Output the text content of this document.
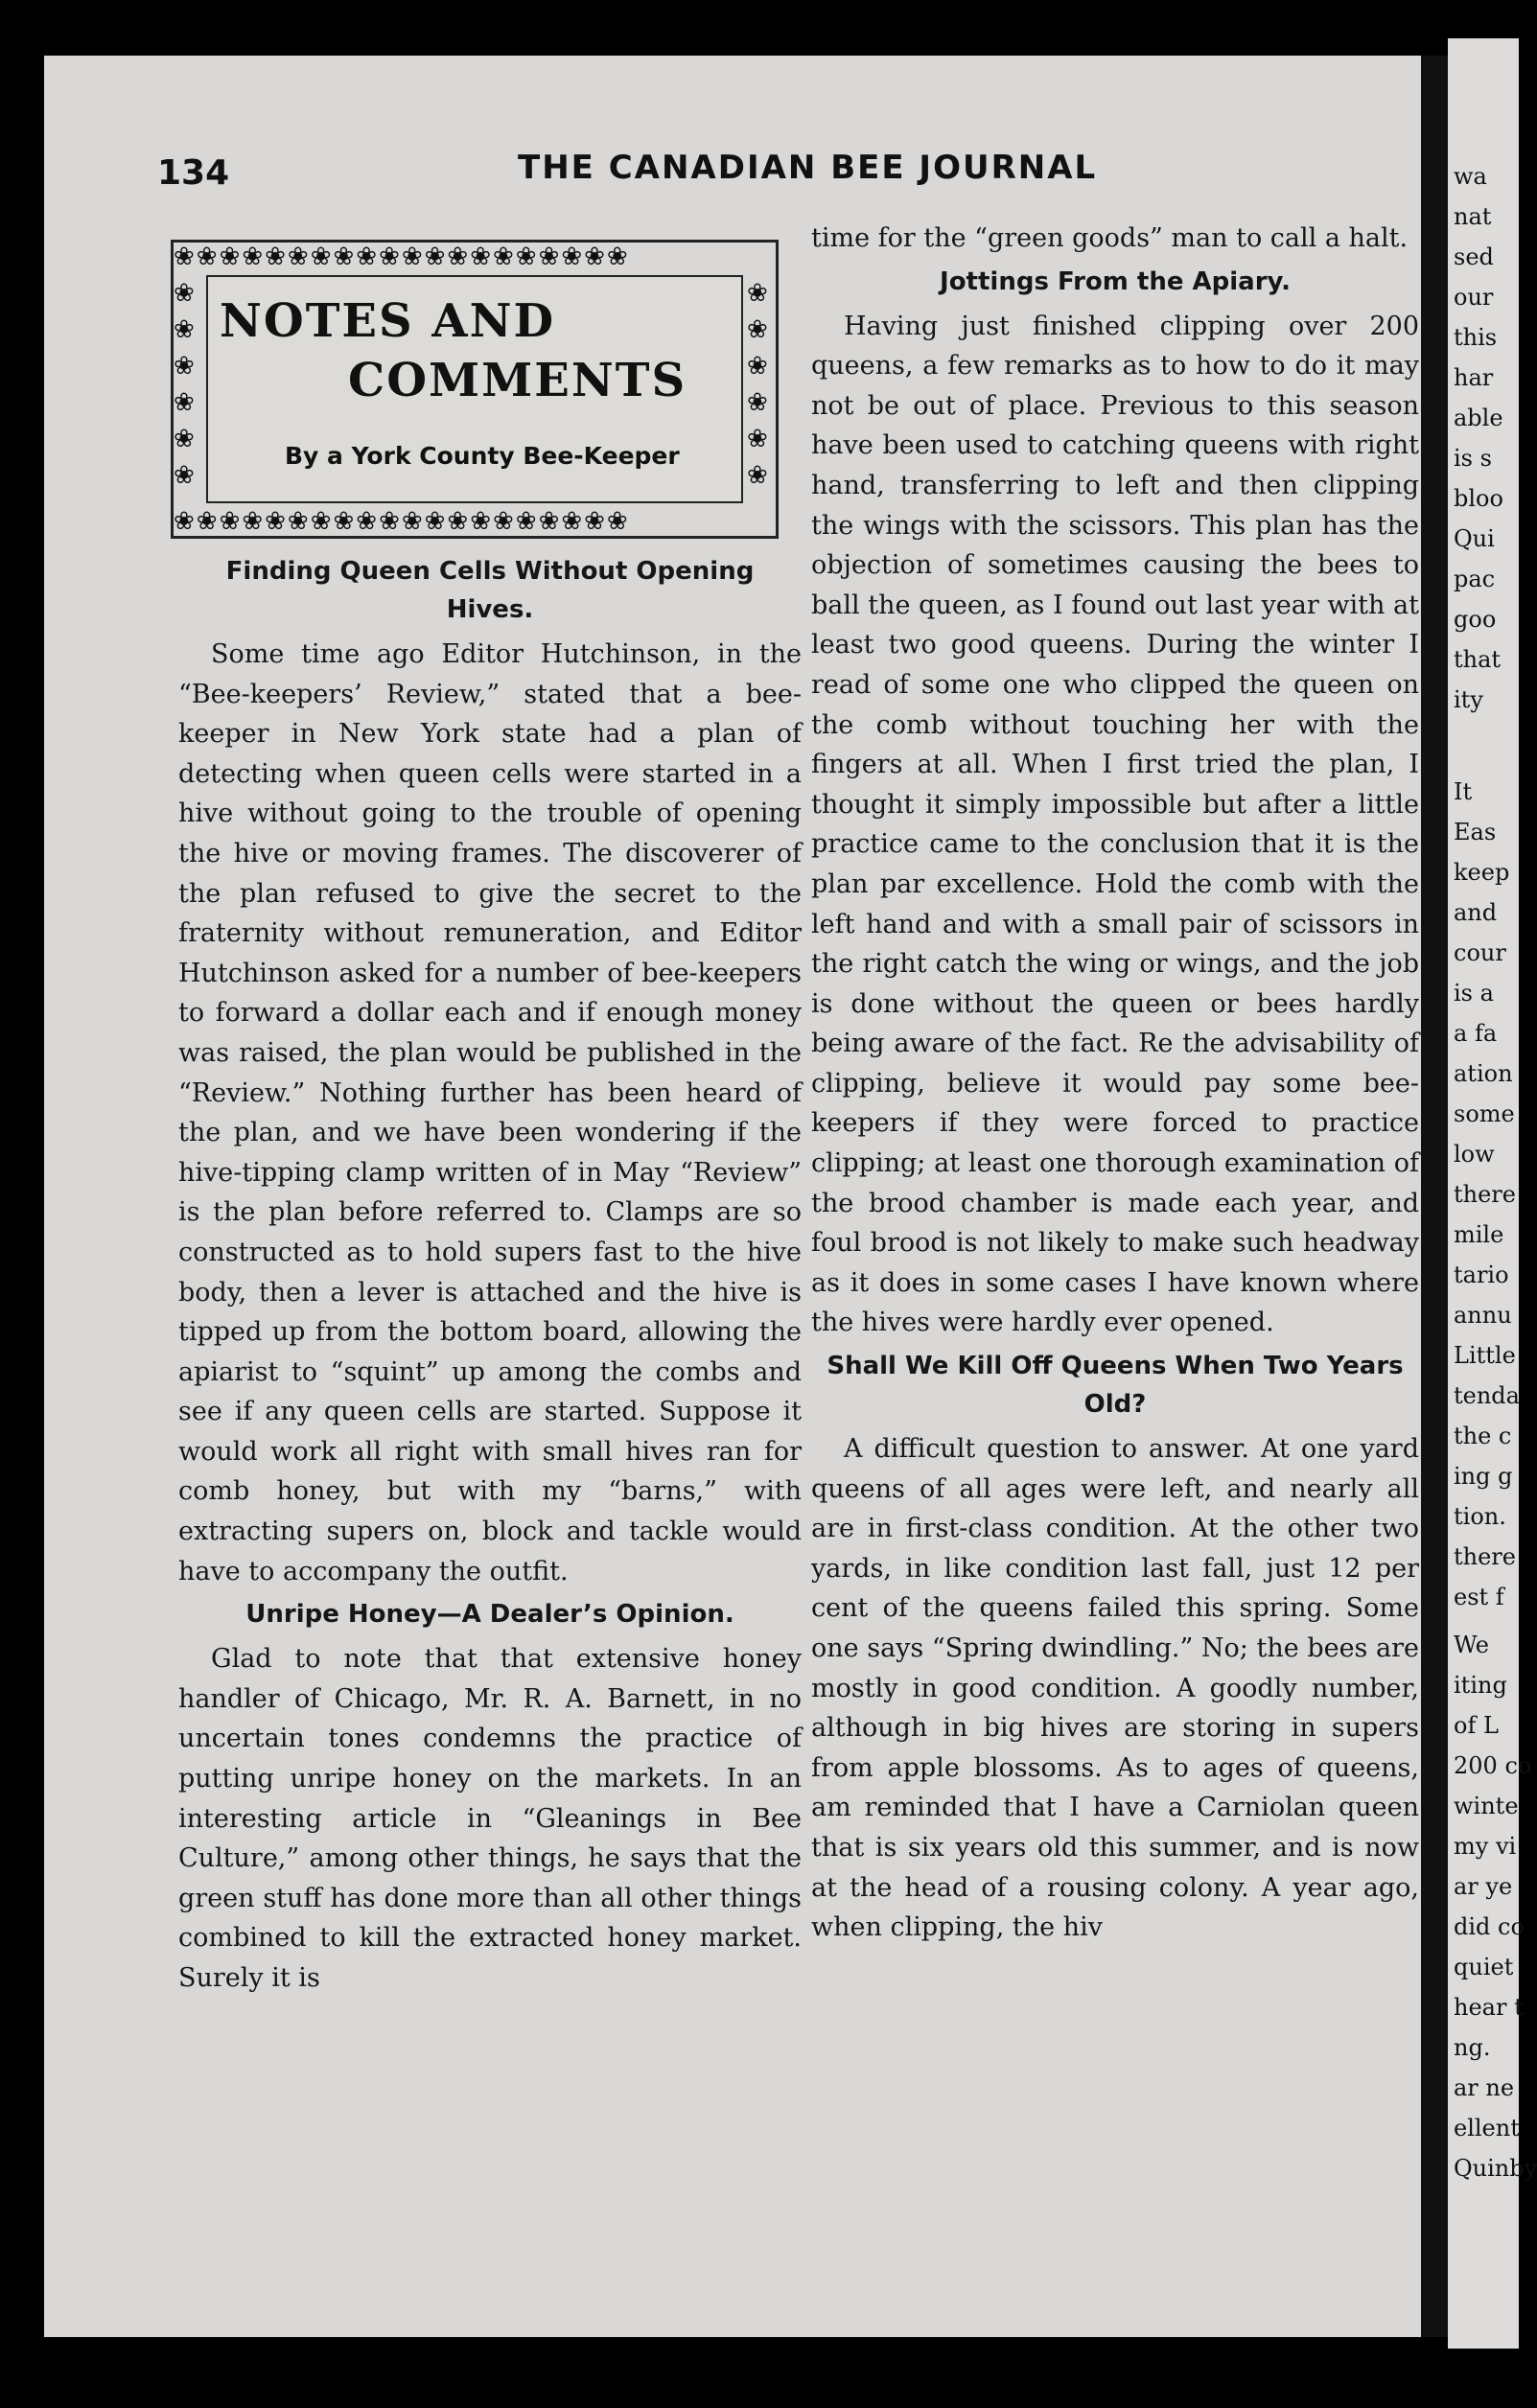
wa
nat
sed
our
this
har
able
is s
bloo
Qui
pac
goo
that
ity
It
Eas
keep
and
cour
is a
a fa
ation
some
low
there
mile
tario
annu
Little
tenda
the c
ing g
tion.
there
est f
We
iting
of L
200 co
winte
my vi
ar ye
did co
quiet
hear t
ng.
ar ne
ellent
Quinby
134	THE CANADIAN BEE JOURNAL
❀❀❀❀❀❀❀❀❀❀❀❀❀❀❀❀❀❀❀❀
❀❀❀❀❀❀❀❀❀❀❀❀❀❀❀❀❀❀❀❀
❀ ❀ ❀ ❀ ❀ ❀
❀ ❀ ❀ ❀ ❀ ❀
NOTES AND
COMMENTS
By a York County Bee-Keeper
Finding Queen Cells Without Opening Hives.

Some time ago Editor Hutchinson, in the “Bee-keepers’ Review,” stated that a bee-keeper in New York state had a plan of detecting when queen cells were started in a hive without going to the trouble of opening the hive or moving frames. The discoverer of the plan refused to give the secret to the fraternity without remuneration, and Editor Hutchinson asked for a number of bee-keepers to forward a dollar each and if enough money was raised, the plan would be published in the “Review.” Nothing further has been heard of the plan, and we have been wondering if the hive-tipping clamp written of in May “Review” is the plan before referred to. Clamps are so constructed as to hold supers fast to the hive body, then a lever is attached and the hive is tipped up from the bottom board, allowing the apiarist to “squint” up among the combs and see if any queen cells are started. Suppose it would work all right with small hives ran for comb honey, but with my “barns,” with extracting supers on, block and tackle would have to accompany the outfit.

Unripe Honey—A Dealer’s Opinion.

Glad to note that that extensive honey handler of Chicago, Mr. R. A. Barnett, in no uncertain tones condemns the practice of putting unripe honey on the markets. In an interesting article in “Gleanings in Bee Culture,” among other things, he says that the green stuff has done more than all other things combined to kill the extracted honey market. Surely it is

time for the “green goods” man to call a halt.

Jottings From the Apiary.

Having just finished clipping over 200 queens, a few remarks as to how to do it may not be out of place. Previous to this season have been used to catching queens with right hand, transferring to left and then clipping the wings with the scissors. This plan has the objection of sometimes causing the bees to ball the queen, as I found out last year with at least two good queens. During the winter I read of some one who clipped the queen on the comb without touching her with the fingers at all. When I first tried the plan, I thought it simply impossible but after a little practice came to the conclusion that it is the plan par excellence. Hold the comb with the left hand and with a small pair of scissors in the right catch the wing or wings, and the job is done without the queen or bees hardly being aware of the fact. Re the advisability of clipping, believe it would pay some bee-keepers if they were forced to practice clipping; at least one thorough examination of the brood chamber is made each year, and foul brood is not likely to make such headway as it does in some cases I have known where the hives were hardly ever opened.

Shall We Kill Off Queens When Two Years Old?

A difficult question to answer. At one yard queens of all ages were left, and nearly all are in first-class condition. At the other two yards, in like condition last fall, just 12 per cent of the queens failed this spring. Some one says “Spring dwindling.” No; the bees are mostly in good condition. A goodly number, although in big hives are storing in supers from apple blossoms. As to ages of queens, am reminded that I have a Carniolan queen that is six years old this summer, and is now at the head of a rousing colony. A year ago, when clipping, the hiv
